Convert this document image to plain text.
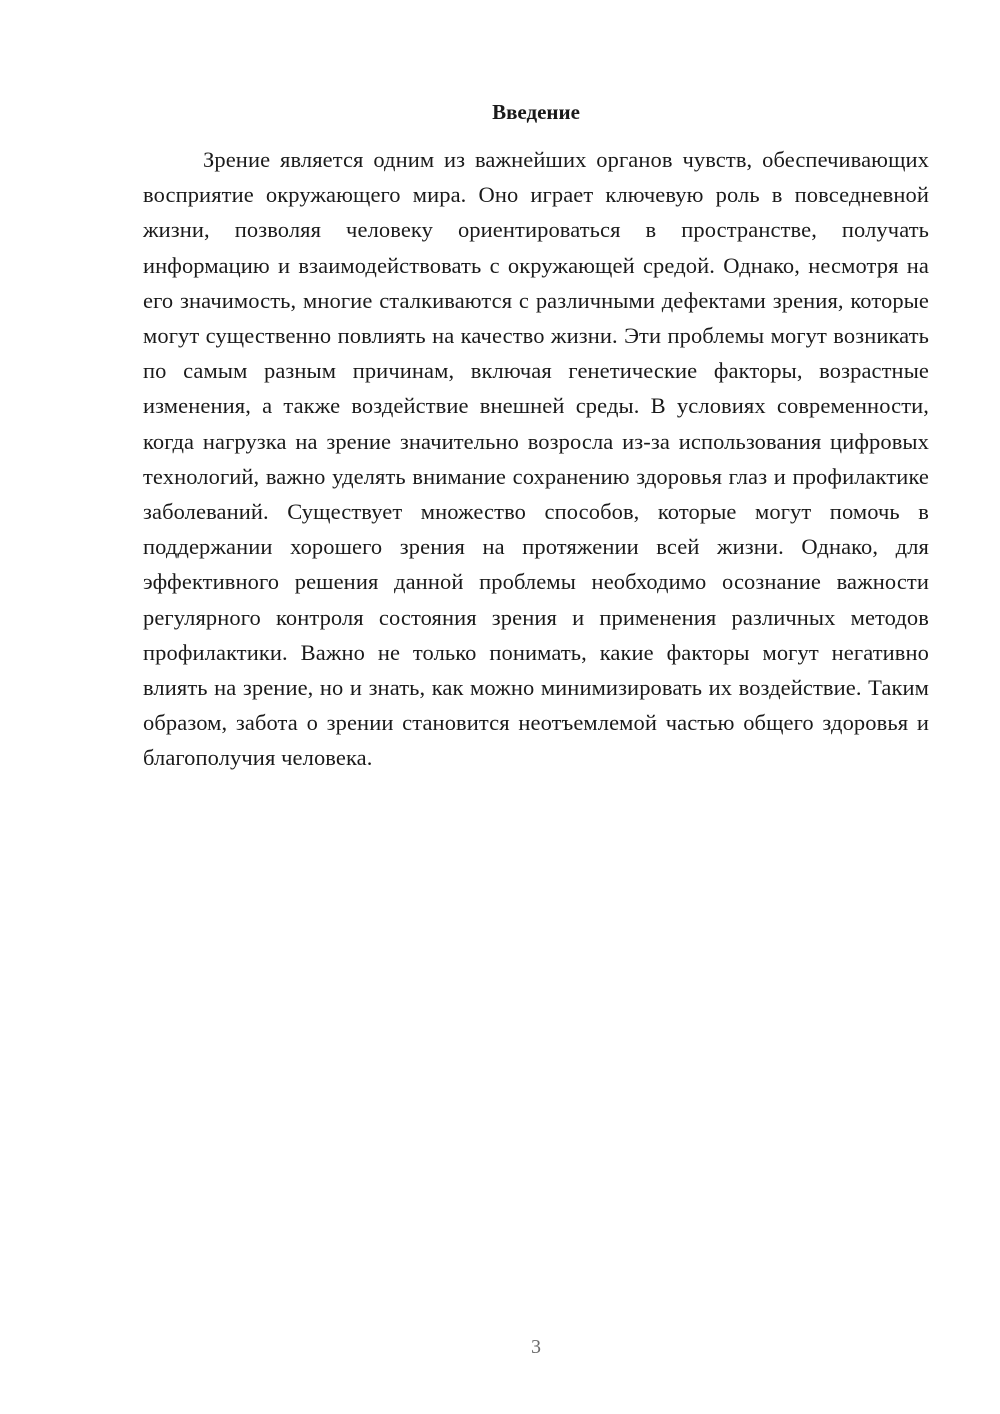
Введение

Зрение является одним из важнейших органов чувств, обеспечивающих восприятие окружающего мира. Оно играет ключевую роль в повседневной жизни, позволяя человеку ориентироваться в пространстве, получать информацию и взаимодействовать с окружающей средой. Однако, несмотря на его значимость, многие сталкиваются с различными дефектами зрения, которые могут существенно повлиять на качество жизни. Эти проблемы могут возникать по самым разным причинам, включая генетические факторы, возрастные изменения, а также воздействие внешней среды. В условиях современности, когда нагрузка на зрение значительно возросла из-за использования цифровых технологий, важно уделять внимание сохранению здоровья глаз и профилактике заболеваний. Существует множество способов, которые могут помочь в поддержании хорошего зрения на протяжении всей жизни. Однако, для эффективного решения данной проблемы необходимо осознание важности регулярного контроля состояния зрения и применения различных методов профилактики. Важно не только понимать, какие факторы могут негативно влиять на зрение, но и знать, как можно минимизировать их воздействие. Таким образом, забота о зрении становится неотъемлемой частью общего здоровья и благополучия человека.

3
